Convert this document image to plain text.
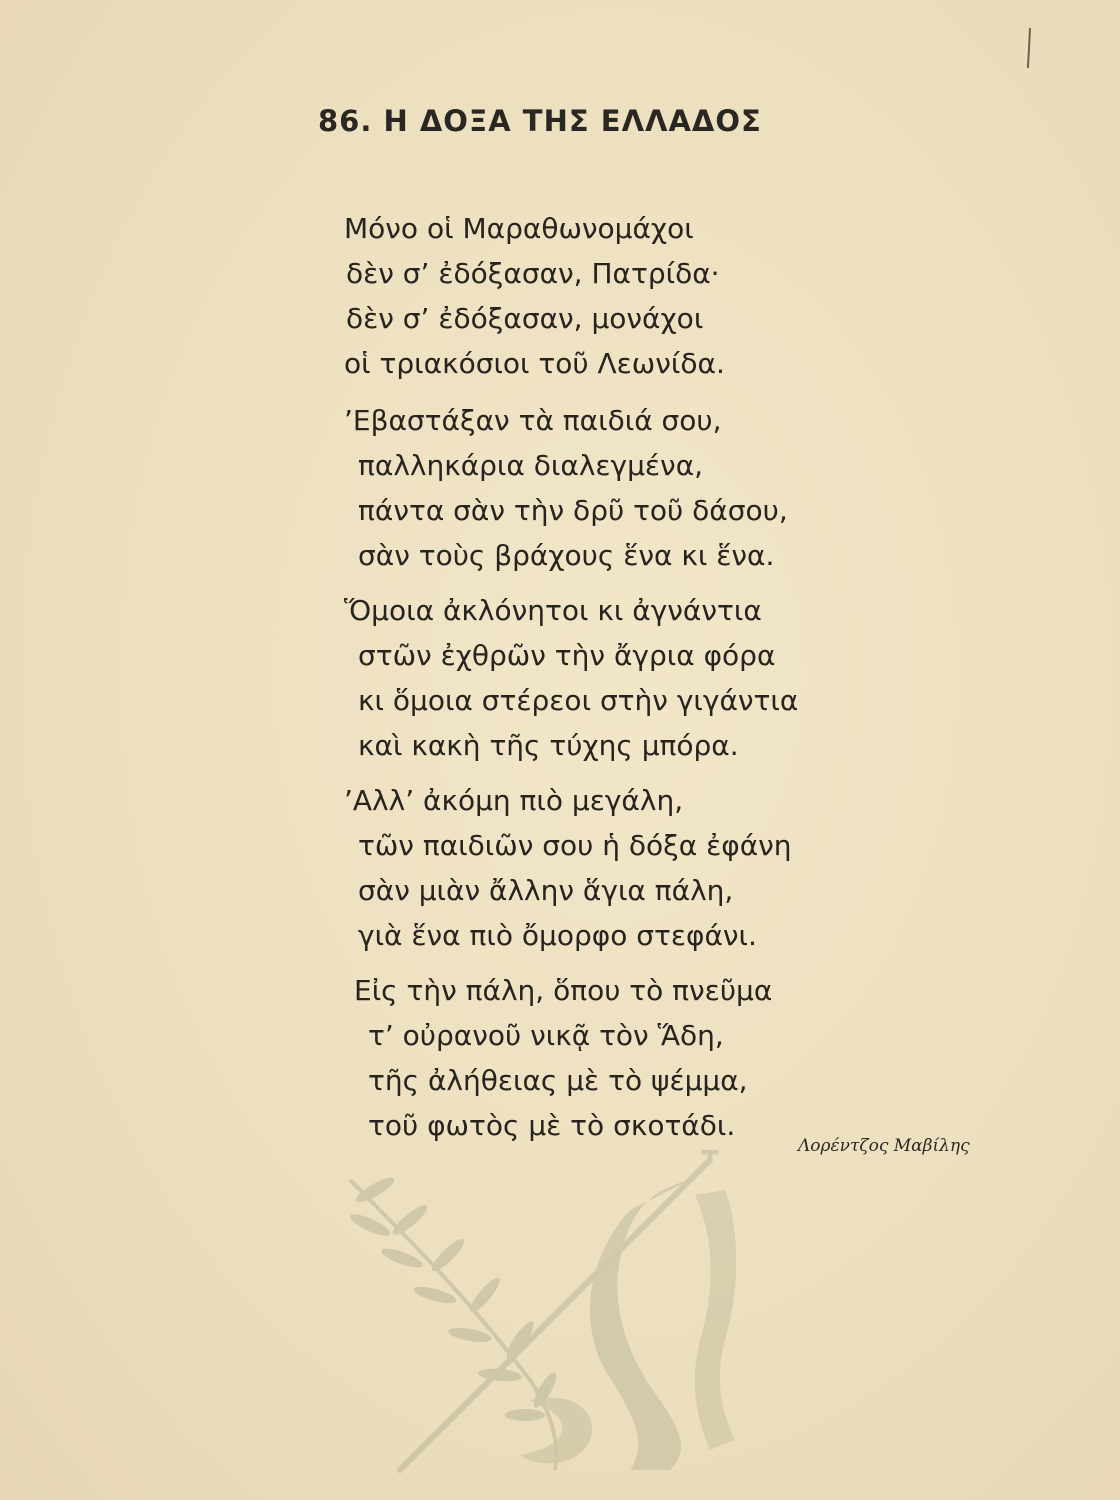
86. Η ΔΟΞΑ ΤΗΣ ΕΛΛΑΔΟΣ
Μόνο οἱ Μαραθωνομάχοι
δὲν σ’ ἐδόξασαν, Πατρίδα·
δὲν σ’ ἐδόξασαν, μονάχοι
οἱ τριακόσιοι τοῦ Λεωνίδα.
’Εβαστάξαν τὰ παιδιά σου,
παλληκάρια διαλεγμένα,
πάντα σὰν τὴν δρῦ τοῦ δάσου,
σὰν τοὺς βράχους ἕνα κι ἕνα.
Ὅμοια ἀκλόνητοι κι ἀγνάντια
στῶν ἐχθρῶν τὴν ἄγρια φόρα
κι ὅμοια στέρεοι στὴν γιγάντια
καὶ κακὴ τῆς τύχης μπόρα.
’Αλλ’ ἀκόμη πιὸ μεγάλη,
τῶν παιδιῶν σου ἡ δόξα ἐφάνη
σὰν μιὰν ἄλλην ἅγια πάλη,
γιὰ ἕνα πιὸ ὄμορφο στεφάνι.
Εἰς τὴν πάλη, ὅπου τὸ πνεῦμα
τ’ οὐρανοῦ νικᾷ τὸν Ἅδη,
τῆς ἀλήθειας μὲ τὸ ψέμμα,
τοῦ φωτὸς μὲ τὸ σκοτάδι.
Λορέντζος Μαβίλης
